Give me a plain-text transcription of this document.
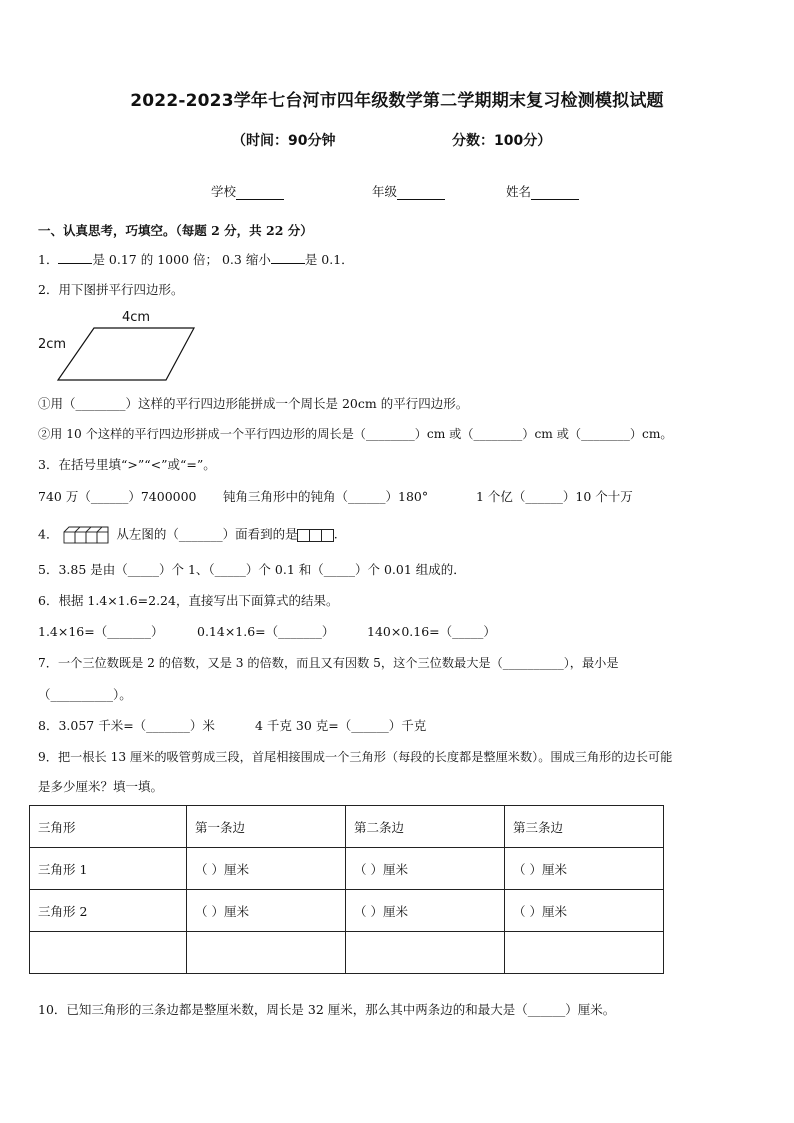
2022-2023学年七台河市四年级数学第二学期期末复习检测模拟试题
（时间：90分钟	分数：100分）
学校	年级	姓名
一、认真思考，巧填空。（每题 2 分，共 22 分）
1．	是 0.17 的 1000 倍； 0.3 缩小	是 0.1．
2．用下图拼平行四边形。
4cm
2cm
①用（________）这样的平行四边形能拼成一个周长是 20cm 的平行四边形。
②用 10 个这样的平行四边形拼成一个平行四边形的周长是（________）cm 或（________）cm 或（________）cm。
3．在括号里填“>”“<”或“=”。
740 万（______）7400000 钝角三角形中的钝角（______）180°	1 个亿（______）10 个十万
4．	从左图的（_______）面看到的是	.
5．3.85 是由（_____）个 1、（_____）个 0.1 和（_____）个 0.01 组成的．
6．根据 1.4×1.6=2.24，直接写出下面算式的结果。
1.4×16=（_______）	0.14×1.6=（_______）	140×0.16=（_____）
7．一个三位数既是 2 的倍数，又是 3 的倍数，而且又有因数 5，这个三位数最大是（__________），最小是
（__________）。
8．3.057 千米=（_______）米	4 千克 30 克=（______）千克
9．把一根长 13 厘米的吸管剪成三段，首尾相接围成一个三角形（每段的长度都是整厘米数）。围成三角形的边长可能
是多少厘米？填一填。
三角形	第一条边	第二条边	第三条边
三角形 1	（ ）厘米	（ ）厘米	（ ）厘米
三角形 2	（ ）厘米	（ ）厘米	（ ）厘米

10．已知三角形的三条边都是整厘米数，周长是 32 厘米，那么其中两条边的和最大是（______）厘米。
